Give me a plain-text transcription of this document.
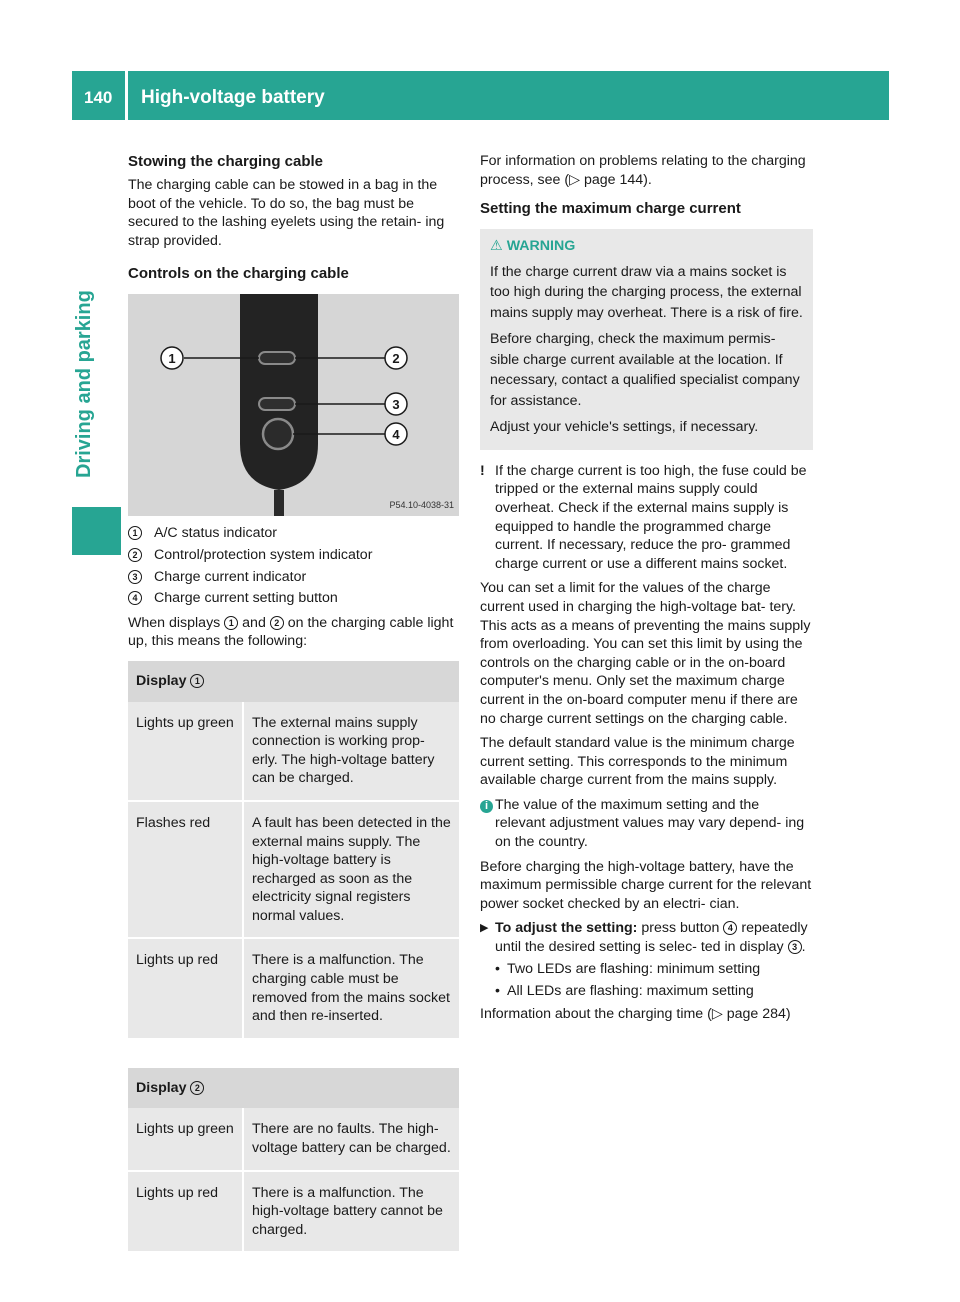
140 High-voltage battery
Driving and parking
Stowing the charging cable

The charging cable can be stowed in a bag in the boot of the vehicle. To do so, the bag must be secured to the lashing eyelets using the retain- ing strap provided.

Controls on the charging cable
1	2
3
4
P54.10-4038-31
1	A/C status indicator
2	Control/protection system indicator
3	Charge current indicator
4	Charge current setting button

When displays 1 and 2 on the charging cable light up, this means the following:

Display 1	
Lights up green	The external mains supply connection is working prop- erly. The high-voltage battery can be charged.
Flashes red	A fault has been detected in the external mains supply. The high-voltage battery is recharged as soon as the electricity signal registers normal values.
Lights up red	There is a malfunction. The charging cable must be removed from the mains socket and then re-inserted.
Display 2	
Lights up green	There are no faults. The high- voltage battery can be charged.
Lights up red	There is a malfunction. The high-voltage battery cannot be charged.

For information on problems relating to the charging process, see (▷ page 144).

Setting the maximum charge current
⚠ WARNING

If the charge current draw via a mains socket is too high during the charging process, the external mains supply may overheat. There is a risk of fire.

Before charging, check the maximum permis- sible charge current available at the location. If necessary, contact a qualified specialist company for assistance.

Adjust your vehicle's settings, if necessary.

! If the charge current is too high, the fuse could be tripped or the external mains supply could overheat. Check if the external mains supply is equipped to handle the programmed charge current. If necessary, reduce the pro- grammed charge current or use a different mains socket.

You can set a limit for the values of the charge current used in charging the high-voltage bat- tery. This acts as a means of preventing the mains supply from overloading. You can set this limit by using the controls on the charging cable or in the on-board computer's menu. Only set the maximum charge current in the on-board computer menu if there are no charge current settings on the charging cable.

The default standard value is the minimum charge current setting. This corresponds to the minimum available charge current from the mains supply.

i The value of the maximum setting and the relevant adjustment values may vary depend- ing on the country.

Before charging the high-voltage battery, have the maximum permissible charge current for the relevant power socket checked by an electri- cian.

▶ To adjust the setting: press button 4 repeatedly until the desired setting is selec- ted in display 3 .
• Two LEDs are flashing: minimum setting
• All LEDs are flashing: maximum setting

Information about the charging time (▷ page 284)
